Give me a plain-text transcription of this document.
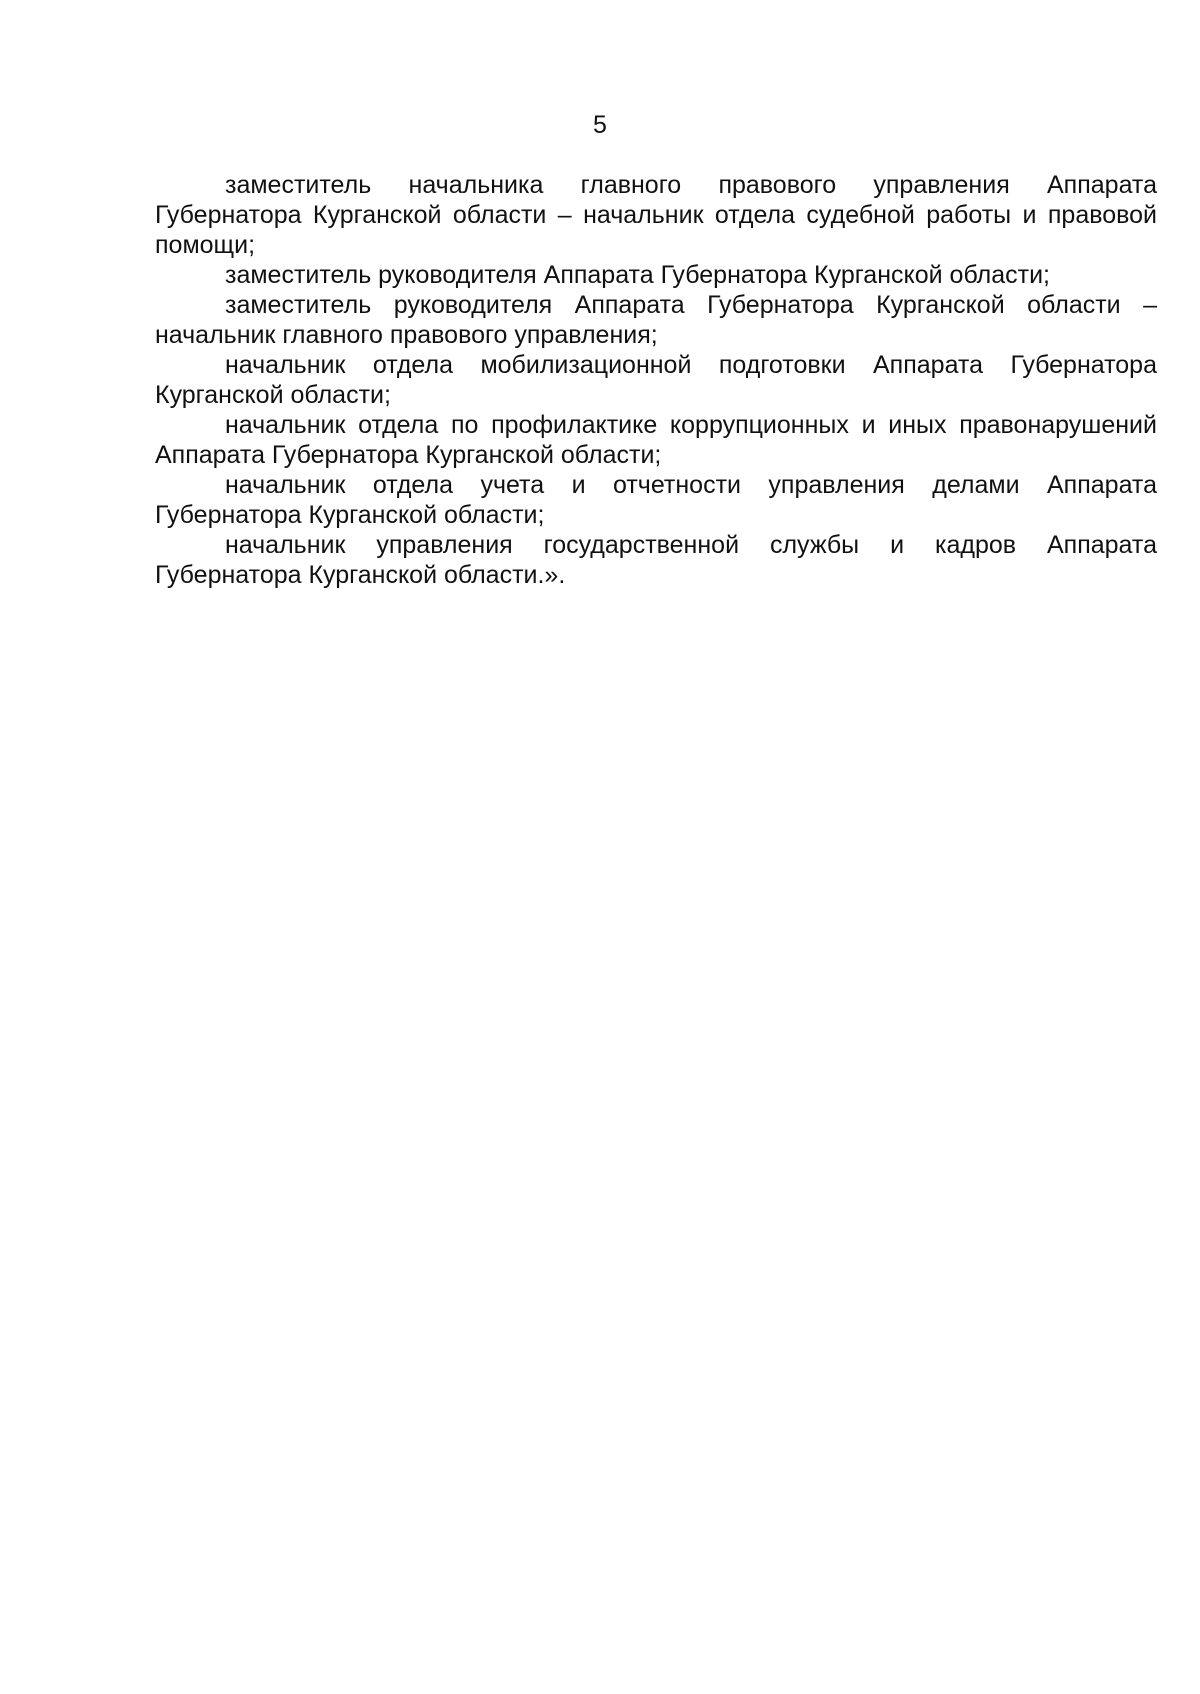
5

заместитель начальника главного правового управления Аппарата Губернатора Курганской области – начальник отдела судебной работы и правовой помощи;

заместитель руководителя Аппарата Губернатора Курганской области;

заместитель руководителя Аппарата Губернатора Курганской области – начальник главного правового управления;

начальник отдела мобилизационной подготовки Аппарата Губернатора Курганской области;

начальник отдела по профилактике коррупционных и иных правонарушений Аппарата Губернатора Курганской области;

начальник отдела учета и отчетности управления делами Аппарата Губернатора Курганской области;

начальник управления государственной службы и кадров Аппарата Губернатора Курганской области.».
